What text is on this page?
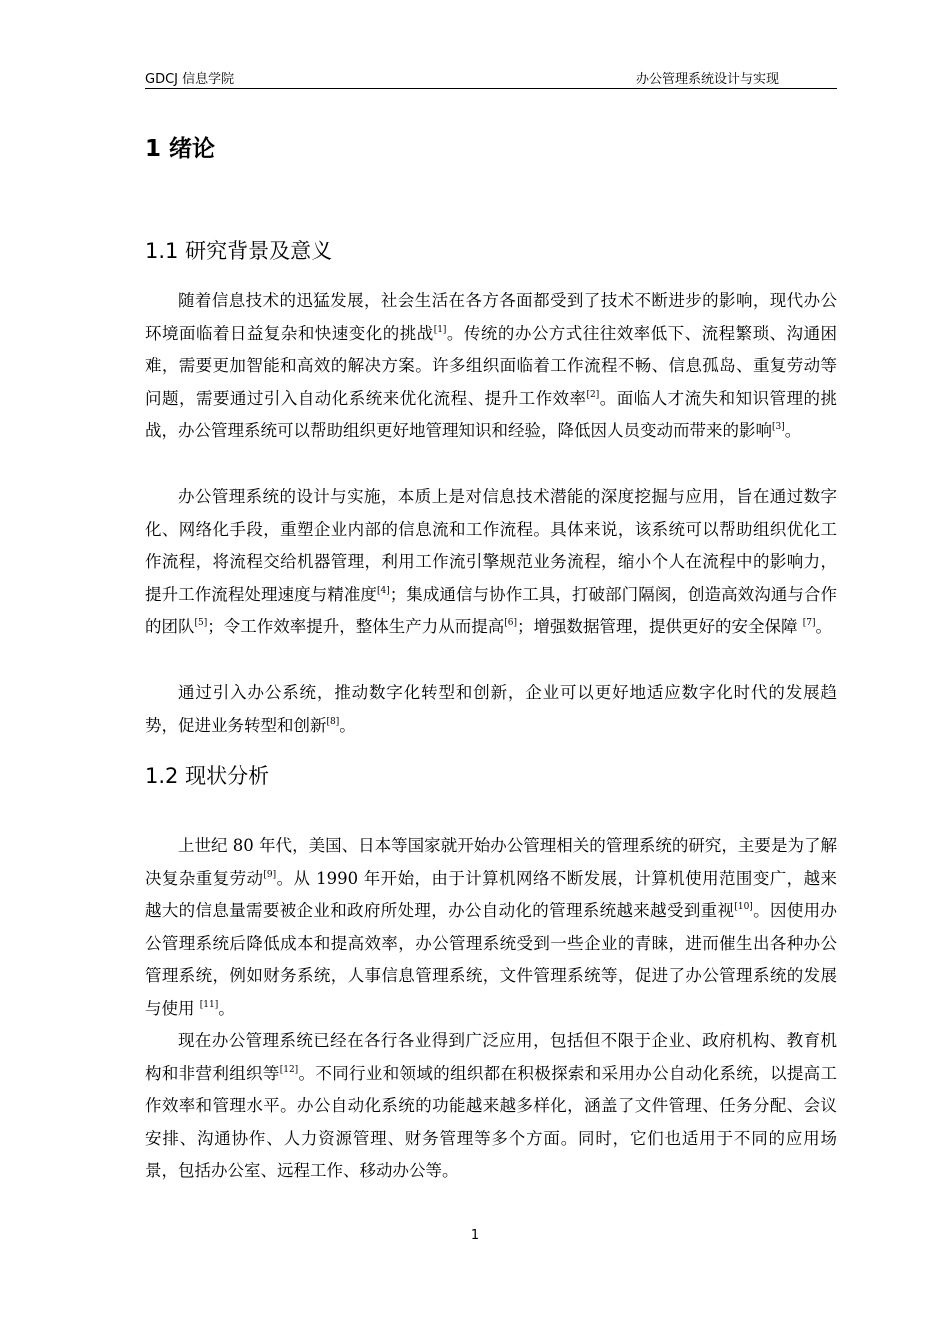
GDCJ 信息学院	办公管理系统设计与实现
1 绪论
1.1 研究背景及意义

随着信息技术的迅猛发展，社会生活在各方各面都受到了技术不断进步的影响，现代办公环境面临着日益复杂和快速变化的挑战[1]。传统的办公方式往往效率低下、流程繁琐、沟通困难，需要更加智能和高效的解决方案。许多组织面临着工作流程不畅、信息孤岛、重复劳动等问题，需要通过引入自动化系统来优化流程、提升工作效率[2]。面临人才流失和知识管理的挑战，办公管理系统可以帮助组织更好地管理知识和经验，降低因人员变动而带来的影响[3]。

办公管理系统的设计与实施，本质上是对信息技术潜能的深度挖掘与应用，旨在通过数字化、网络化手段，重塑企业内部的信息流和工作流程。具体来说，该系统可以帮助组织优化工作流程，将流程交给机器管理，利用工作流引擎规范业务流程，缩小个人在流程中的影响力，提升工作流程处理速度与精准度[4]；集成通信与协作工具，打破部门隔阂，创造高效沟通与合作的团队[5]；令工作效率提升，整体生产力从而提高[6]；增强数据管理，提供更好的安全保障 [7]。

通过引入办公系统，推动数字化转型和创新，企业可以更好地适应数字化时代的发展趋势，促进业务转型和创新[8]。

1.2 现状分析

上世纪 80 年代，美国、日本等国家就开始办公管理相关的管理系统的研究，主要是为了解决复杂重复劳动[9]。从 1990 年开始，由于计算机网络不断发展，计算机使用范围变广，越来越大的信息量需要被企业和政府所处理，办公自动化的管理系统越来越受到重视[10]。因使用办公管理系统后降低成本和提高效率，办公管理系统受到一些企业的青睐，进而催生出各种办公管理系统，例如财务系统，人事信息管理系统，文件管理系统等，促进了办公管理系统的发展与使用 [11]。

现在办公管理系统已经在各行各业得到广泛应用，包括但不限于企业、政府机构、教育机构和非营利组织等[12]。不同行业和领域的组织都在积极探索和采用办公自动化系统，以提高工作效率和管理水平。办公自动化系统的功能越来越多样化，涵盖了文件管理、任务分配、会议安排、沟通协作、人力资源管理、财务管理等多个方面。同时，它们也适用于不同的应用场景，包括办公室、远程工作、移动办公等。

1
